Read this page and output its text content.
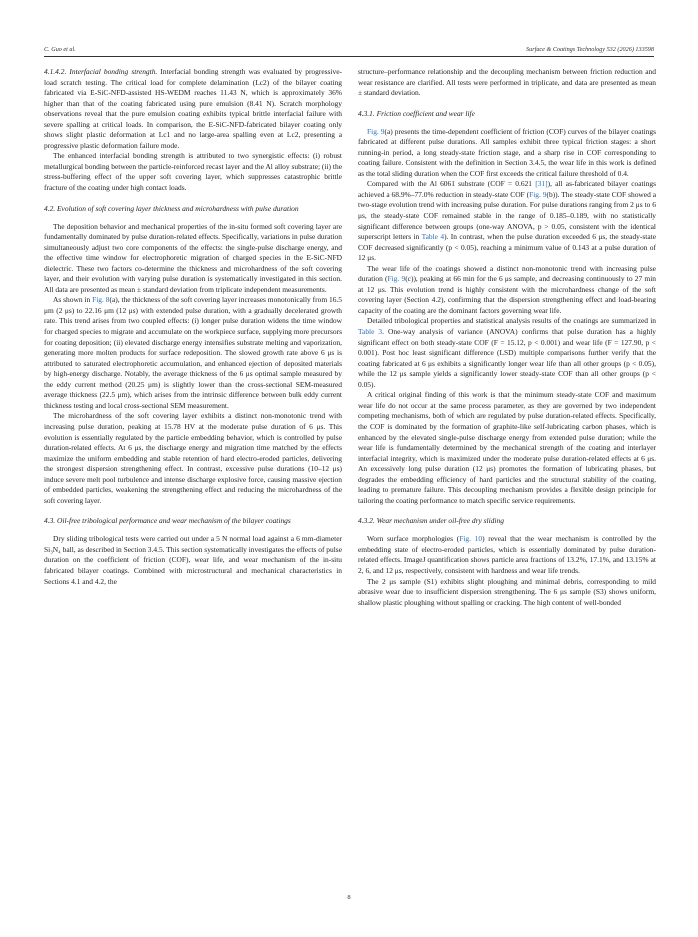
C. Guo et al.	Surface & Coatings Technology 532 (2026) 133598

4.1.4.2. Interfacial bonding strength. Interfacial bonding strength was evaluated by progressive-load scratch testing. The critical load for complete delamination (Lc2) of the bilayer coating fabricated via E-SiC-NFD-assisted HS-WEDM reaches 11.43 N, which is approximately 36% higher than that of the coating fabricated using pure emulsion (8.41 N). Scratch morphology observations reveal that the pure emulsion coating exhibits typical brittle interfacial failure with severe spalling at critical loads. In comparison, the E-SiC-NFD-fabricated bilayer coating only shows slight plastic deformation at Lc1 and no large-area spalling even at Lc2, presenting a progressive plastic deformation failure mode.

The enhanced interfacial bonding strength is attributed to two synergistic effects: (i) robust metallurgical bonding between the particle-reinforced recast layer and the Al alloy substrate; (ii) the stress-buffering effect of the upper soft covering layer, which suppresses catastrophic brittle fracture of the coating under high contact loads.

4.2. Evolution of soft covering layer thickness and microhardness with pulse duration

The deposition behavior and mechanical properties of the in-situ formed soft covering layer are fundamentally dominated by pulse duration-related effects. Specifically, variations in pulse duration simultaneously adjust two core components of the effects: the single-pulse discharge energy, and the effective time window for electrophoretic migration of charged species in the E-SiC-NFD dielectric. These two factors co-determine the thickness and microhardness of the soft covering layer, and their evolution with varying pulse duration is systematically investigated in this section. All data are presented as mean ± standard deviation from triplicate independent measurements.

As shown in Fig. 8(a), the thickness of the soft covering layer increases monotonically from 16.5 μm (2 μs) to 22.16 μm (12 μs) with extended pulse duration, with a gradually decelerated growth rate. This trend arises from two coupled effects: (i) longer pulse duration widens the time window for charged species to migrate and accumulate on the workpiece surface, supplying more precursors for coating deposition; (ii) elevated discharge energy intensifies substrate melting and vaporization, generating more molten products for surface redeposition. The slowed growth rate above 6 μs is attributed to saturated electrophoretic accumulation, and enhanced ejection of deposited materials by high-energy discharge. Notably, the average thickness of the 6 μs optimal sample measured by the eddy current method (20.25 μm) is slightly lower than the cross-sectional SEM-measured average thickness (22.5 μm), which arises from the intrinsic difference between bulk eddy current thickness testing and local cross-sectional SEM measurement.

The microhardness of the soft covering layer exhibits a distinct non-monotonic trend with increasing pulse duration, peaking at 15.78 HV at the moderate pulse duration of 6 μs. This evolution is essentially regulated by the particle embedding behavior, which is controlled by pulse duration-related effects. At 6 μs, the discharge energy and migration time matched by the effects maximize the uniform embedding and stable retention of hard electro-eroded particles, delivering the strongest dispersion strengthening effect. In contrast, excessive pulse durations (10–12 μs) induce severe melt pool turbulence and intense discharge explosive force, causing massive ejection of embedded particles, weakening the strengthening effect and reducing the microhardness of the soft covering layer.

4.3. Oil-free tribological performance and wear mechanism of the bilayer coatings

Dry sliding tribological tests were carried out under a 5 N normal load against a 6 mm-diameter Si₃N₄ ball, as described in Section 3.4.5. This section systematically investigates the effects of pulse duration on the coefficient of friction (COF), wear life, and wear mechanism of the in-situ fabricated bilayer coatings. Combined with microstructural and mechanical characteristics in Sections 4.1 and 4.2, the

structure–performance relationship and the decoupling mechanism between friction reduction and wear resistance are clarified. All tests were performed in triplicate, and data are presented as mean ± standard deviation.

4.3.1. Friction coefficient and wear life

Fig. 9(a) presents the time-dependent coefficient of friction (COF) curves of the bilayer coatings fabricated at different pulse durations. All samples exhibit three typical friction stages: a short running-in period, a long steady-state friction stage, and a sharp rise in COF corresponding to coating failure. Consistent with the definition in Section 3.4.5, the wear life in this work is defined as the total sliding duration when the COF first exceeds the critical failure threshold of 0.4.

Compared with the Al 6061 substrate (COF = 0.621 [31]), all as-fabricated bilayer coatings achieved a 68.9%–77.0% reduction in steady-state COF (Fig. 9(b)). The steady-state COF showed a two-stage evolution trend with increasing pulse duration. For pulse durations ranging from 2 μs to 6 μs, the steady-state COF remained stable in the range of 0.185–0.189, with no statistically significant difference between groups (one-way ANOVA, p > 0.05, consistent with the identical superscript letters in Table 4). In contrast, when the pulse duration exceeded 6 μs, the steady-state COF decreased significantly (p < 0.05), reaching a minimum value of 0.143 at a pulse duration of 12 μs.

The wear life of the coatings showed a distinct non-monotonic trend with increasing pulse duration (Fig. 9(c)), peaking at 66 min for the 6 μs sample, and decreasing continuously to 27 min at 12 μs. This evolution trend is highly consistent with the microhardness change of the soft covering layer (Section 4.2), confirming that the dispersion strengthening effect and load-bearing capacity of the coating are the dominant factors governing wear life.

Detailed tribological properties and statistical analysis results of the coatings are summarized in Table 3. One-way analysis of variance (ANOVA) confirms that pulse duration has a highly significant effect on both steady-state COF (F = 15.12, p < 0.001) and wear life (F = 127.90, p < 0.001). Post hoc least significant difference (LSD) multiple comparisons further verify that the coating fabricated at 6 μs exhibits a significantly longer wear life than all other groups (p < 0.05), while the 12 μs sample yields a significantly lower steady-state COF than all other groups (p < 0.05).

A critical original finding of this work is that the minimum steady-state COF and maximum wear life do not occur at the same process parameter, as they are governed by two independent competing mechanisms, both of which are regulated by pulse duration-related effects. Specifically, the COF is dominated by the formation of graphite-like self-lubricating carbon phases, which is enhanced by the elevated single-pulse discharge energy from extended pulse duration; while the wear life is fundamentally determined by the mechanical strength of the coating and interlayer interfacial integrity, which is maximized under the moderate pulse duration-related effects at 6 μs. An excessively long pulse duration (12 μs) promotes the formation of lubricating phases, but degrades the embedding efficiency of hard particles and the structural stability of the coating, leading to premature failure. This decoupling mechanism provides a flexible design principle for tailoring the coating performance to match specific service requirements.

4.3.2. Wear mechanism under oil-free dry sliding

Worn surface morphologies (Fig. 10) reveal that the wear mechanism is controlled by the embedding state of electro-eroded particles, which is essentially dominated by pulse duration-related effects. ImageJ quantification shows particle area fractions of 13.2%, 17.1%, and 13.15% at 2, 6, and 12 μs, respectively, consistent with hardness and wear life trends.

The 2 μs sample (S1) exhibits slight ploughing and minimal debris, corresponding to mild abrasive wear due to insufficient dispersion strengthening. The 6 μs sample (S3) shows uniform, shallow plastic ploughing without spalling or cracking. The high content of well-bonded

8
